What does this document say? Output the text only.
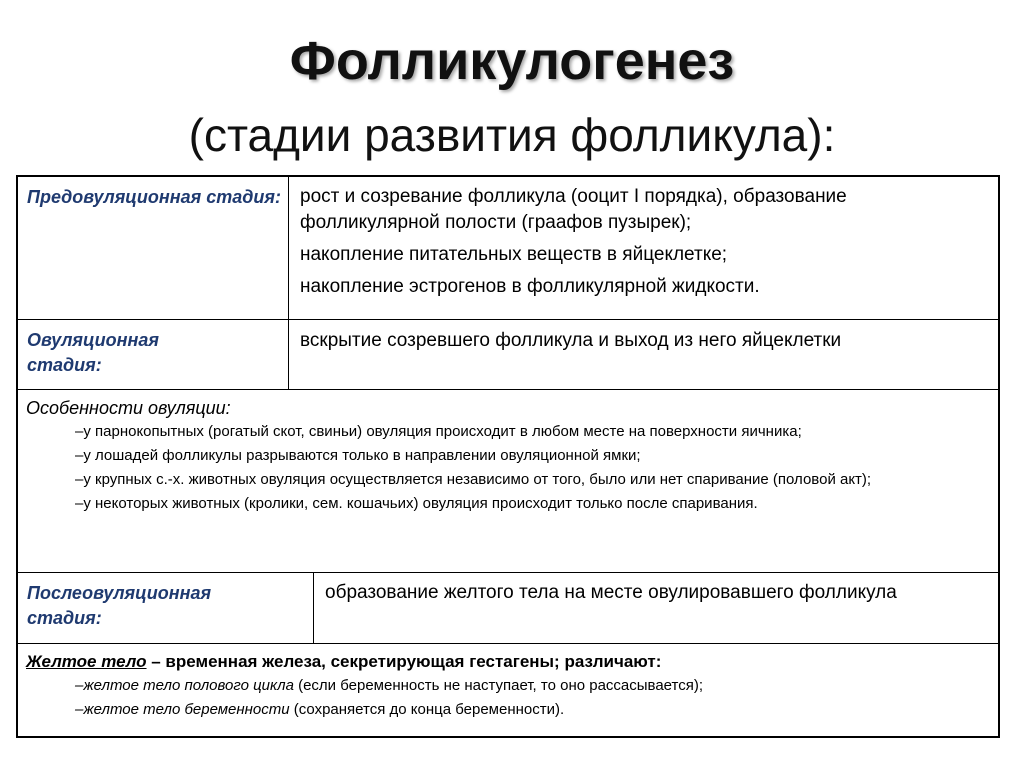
Фолликулогенез
(стадии развития фолликула):
Предовуляционная стадия: рост и созревание фолликула (ооцит I порядка), образование фолликулярной полости (граафов пузырек);

накопление питательных веществ в яйцеклетке;

накопление эстрогенов в фолликулярной жидкости.

Овуляционная стадия:
вскрытие созревшего фолликула и выход из него яйцеклетки
Особенности овуляции:
–у парнокопытных (рогатый скот, свиньи) овуляция происходит в любом месте на поверхности яичника;
–у лошадей фолликулы разрываются только в направлении овуляционной ямки;
–у крупных с.-х. животных овуляция осуществляется независимо от того, было или нет спаривание (половой акт);
–у некоторых животных (кролики, сем. кошачьих) овуляция происходит только после спаривания.
Послеовуляционная стадия:
образование желтого тела на месте овулировавшего фолликула
Желтое тело – временная железа, секретирующая гестагены; различают:
–желтое тело полового цикла (если беременность не наступает, то оно рассасывается);
–желтое тело беременности (сохраняется до конца беременности).
